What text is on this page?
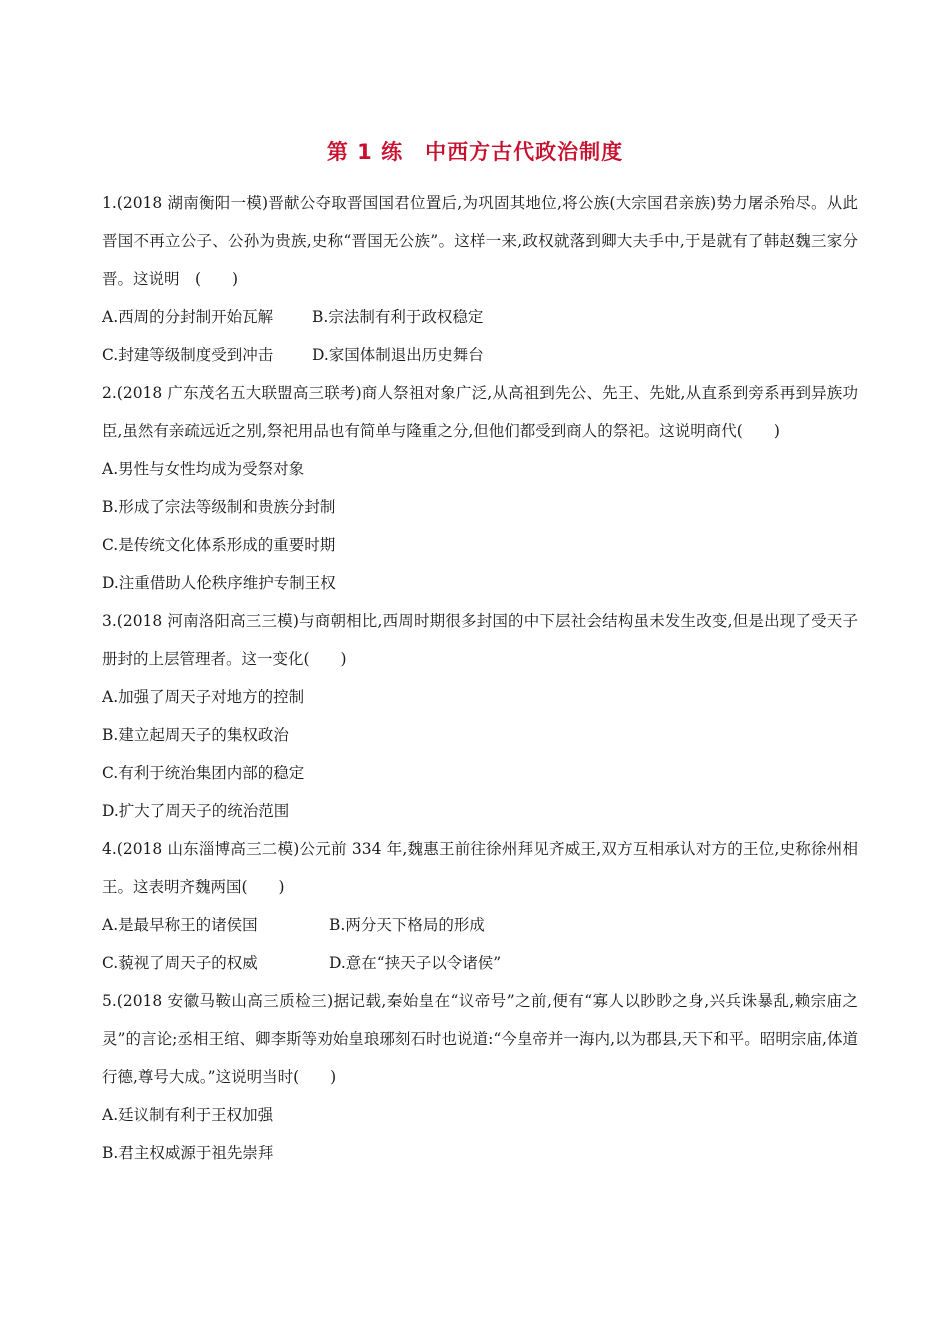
第 1 练　中西方古代政治制度

1.(2018 湖南衡阳一模)晋献公夺取晋国国君位置后,为巩固其地位,将公族(大宗国君亲族)势力屠杀殆尽。从此晋国不再立公子、公孙为贵族,史称“晋国无公族”。这样一来,政权就落到卿大夫手中,于是就有了韩赵魏三家分晋。这说明　(　　)

A.西周的分封制开始瓦解	B.宗法制有利于政权稳定
C.封建等级制度受到冲击	D.家国体制退出历史舞台

2.(2018 广东茂名五大联盟高三联考)商人祭祖对象广泛,从高祖到先公、先王、先妣,从直系到旁系再到异族功臣,虽然有亲疏远近之别,祭祀用品也有简单与隆重之分,但他们都受到商人的祭祀。这说明商代(　　)

A.男性与女性均成为受祭对象

B.形成了宗法等级制和贵族分封制

C.是传统文化体系形成的重要时期

D.注重借助人伦秩序维护专制王权

3.(2018 河南洛阳高三三模)与商朝相比,西周时期很多封国的中下层社会结构虽未发生改变,但是出现了受天子册封的上层管理者。这一变化(　　)

A.加强了周天子对地方的控制

B.建立起周天子的集权政治

C.有利于统治集团内部的稳定

D.扩大了周天子的统治范围

4.(2018 山东淄博高三二模)公元前 334 年,魏惠王前往徐州拜见齐威王,双方互相承认对方的王位,史称徐州相王。这表明齐魏两国(　　)

A.是最早称王的诸侯国	B.两分天下格局的形成
C.藐视了周天子的权威	D.意在“挟天子以令诸侯”

5.(2018 安徽马鞍山高三质检三)据记载,秦始皇在“议帝号”之前,便有“寡人以眇眇之身,兴兵诛暴乱,赖宗庙之灵”的言论;丞相王绾、卿李斯等劝始皇琅琊刻石时也说道:“今皇帝并一海内,以为郡县,天下和平。昭明宗庙,体道行德,尊号大成。”这说明当时(　　)

A.廷议制有利于王权加强

B.君主权威源于祖先崇拜
